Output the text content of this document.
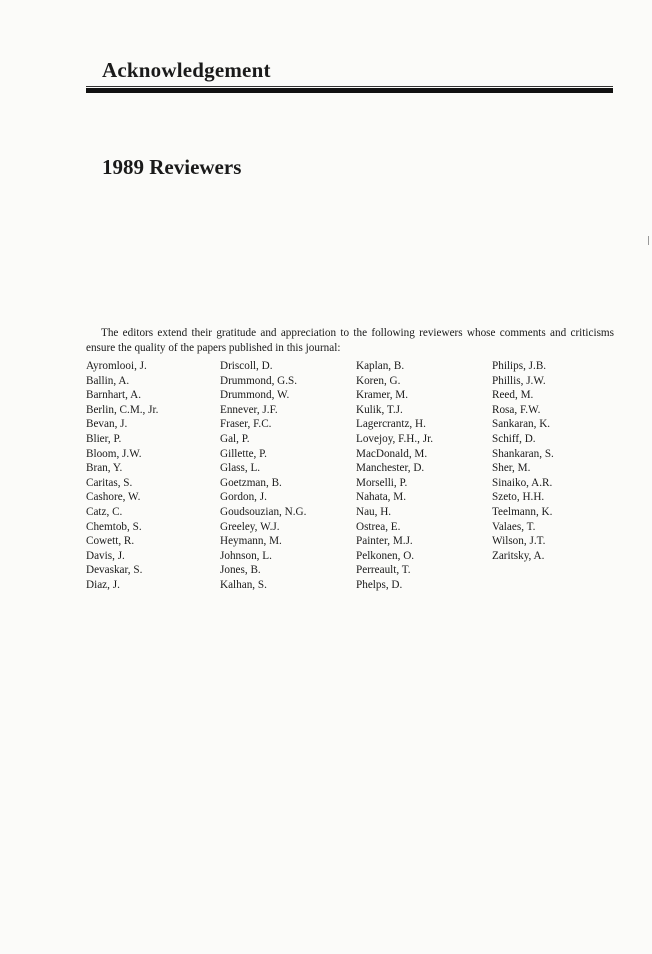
Acknowledgement
1989 Reviewers

The editors extend their gratitude and appreciation to the following reviewers whose comments and criticisms ensure the quality of the papers published in this journal:

Ayromlooi, J.
Ballin, A.
Barnhart, A.
Berlin, C.M., Jr.
Bevan, J.
Blier, P.
Bloom, J.W.
Bran, Y.
Caritas, S.
Cashore, W.
Catz, C.
Chemtob, S.
Cowett, R.
Davis, J.
Devaskar, S.
Diaz, J.
Driscoll, D.
Drummond, G.S.
Drummond, W.
Ennever, J.F.
Fraser, F.C.
Gal, P.
Gillette, P.
Glass, L.
Goetzman, B.
Gordon, J.
Goudsouzian, N.G.
Greeley, W.J.
Heymann, M.
Johnson, L.
Jones, B.
Kalhan, S.
Kaplan, B.
Koren, G.
Kramer, M.
Kulik, T.J.
Lagercrantz, H.
Lovejoy, F.H., Jr.
MacDonald, M.
Manchester, D.
Morselli, P.
Nahata, M.
Nau, H.
Ostrea, E.
Painter, M.J.
Pelkonen, O.
Perreault, T.
Phelps, D.
Philips, J.B.
Phillis, J.W.
Reed, M.
Rosa, F.W.
Sankaran, K.
Schiff, D.
Shankaran, S.
Sher, M.
Sinaiko, A.R.
Szeto, H.H.
Teelmann, K.
Valaes, T.
Wilson, J.T.
Zaritsky, A.
